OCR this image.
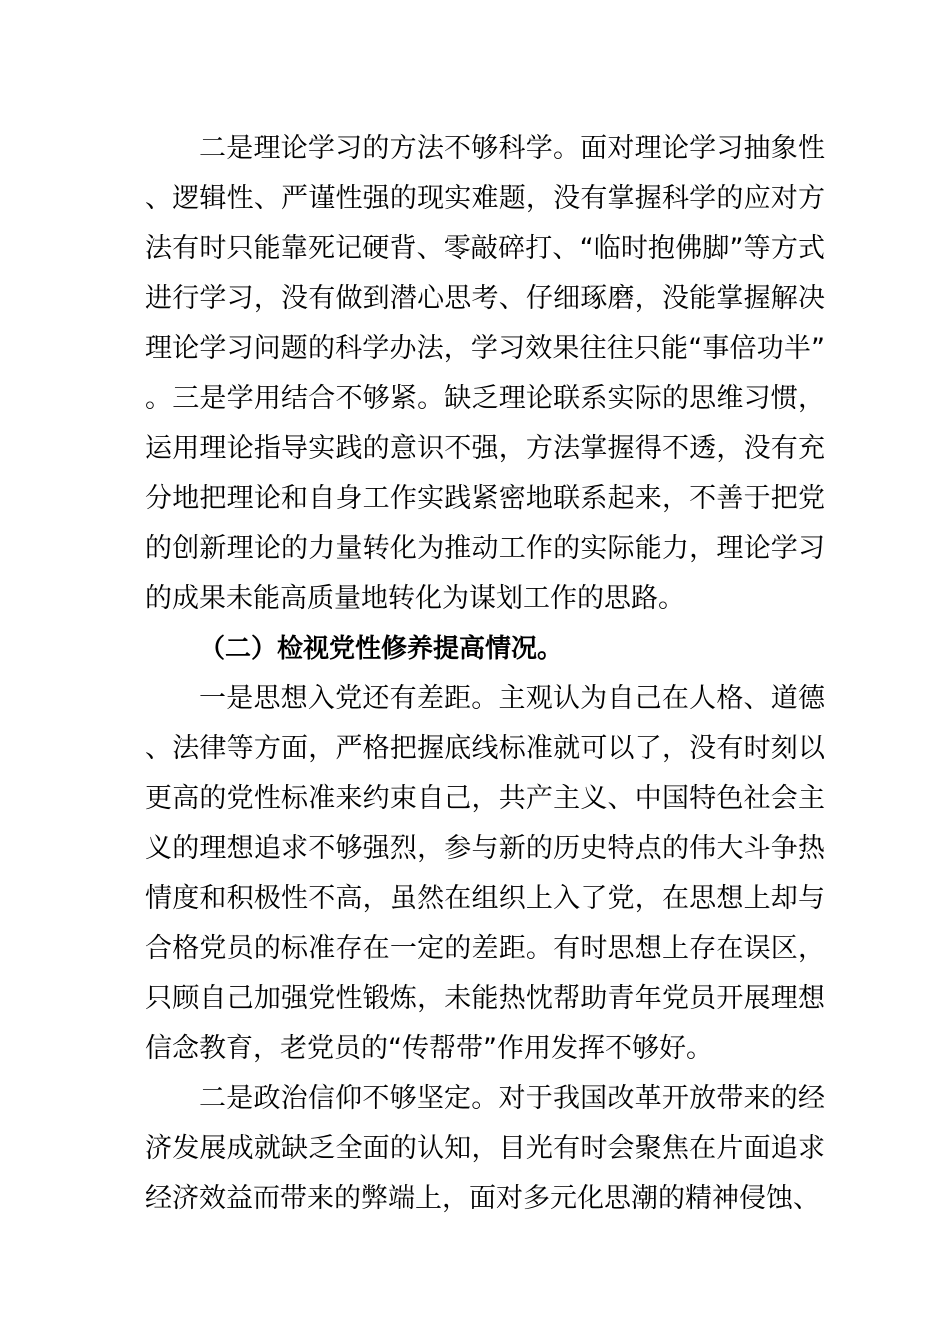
二是理论学习的方法不够科学。面对理论学习抽象性、逻辑性、严谨性强的现实难题，没有掌握科学的应对方法有时只能靠死记硬背、零敲碎打、“临时抱佛脚”等方式进行学习，没有做到潜心思考、仔细琢磨，没能掌握解决理论学习问题的科学办法，学习效果往往只能“事倍功半”。三是学用结合不够紧。缺乏理论联系实际的思维习惯，运用理论指导实践的意识不强，方法掌握得不透，没有充分地把理论和自身工作实践紧密地联系起来，不善于把党的创新理论的力量转化为推动工作的实际能力，理论学习的成果未能高质量地转化为谋划工作的思路。

（二）检视党性修养提高情况。

一是思想入党还有差距。主观认为自己在人格、道德、法律等方面，严格把握底线标准就可以了，没有时刻以更高的党性标准来约束自己，共产主义、中国特色社会主义的理想追求不够强烈，参与新的历史特点的伟大斗争热情度和积极性不高，虽然在组织上入了党，在思想上却与合格党员的标准存在一定的差距。有时思想上存在误区，只顾自己加强党性锻炼，未能热忱帮助青年党员开展理想信念教育，老党员的“传帮带”作用发挥不够好。

二是政治信仰不够坚定。对于我国改革开放带来的经济发展成就缺乏全面的认知，目光有时会聚焦在片面追求经济效益而带来的弊端上，面对多元化思潮的精神侵蚀、
